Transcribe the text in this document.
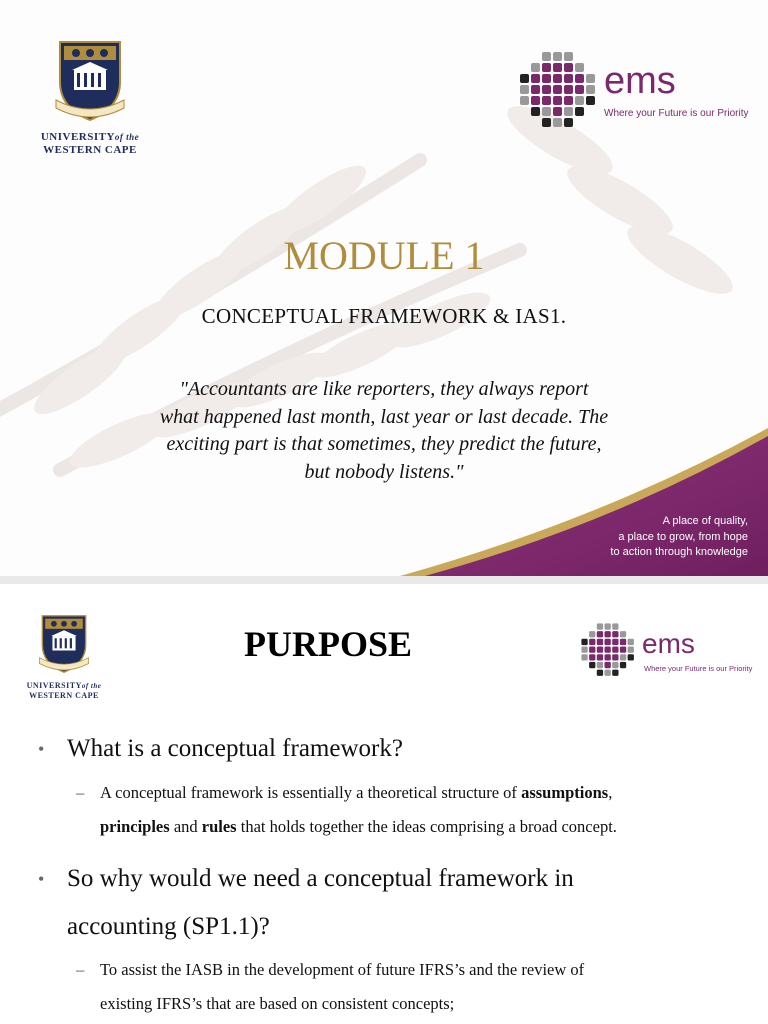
UNIVERSITYof the
WESTERN CAPE
ems
Where your Future is our Priority
MODULE 1
CONCEPTUAL FRAMEWORK & IAS1.
"Accountants are like reporters, they always report
what happened last month, last year or last decade. The
exciting part is that sometimes, they predict the future,
but nobody listens."
A place of quality,
a place to grow, from hope
to action through knowledge
UNIVERSITYof the
WESTERN CAPE
PURPOSE	ems
Where your Future is our Priority
• What is a conceptual framework?
– A conceptual framework is essentially a theoretical structure of assumptions,
principles and rules that holds together the ideas comprising a broad concept.
• So why would we need a conceptual framework in
accounting (SP1.1)?
– To assist the IASB in the development of future IFRS’s and the review of
existing IFRS’s that are based on consistent concepts;
